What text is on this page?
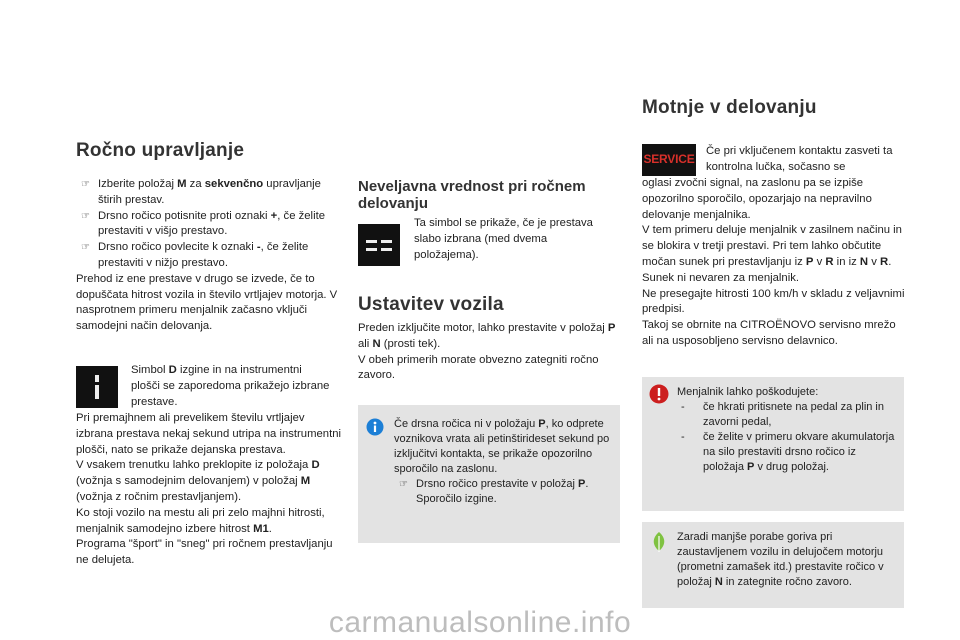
Ročno upravljanje
☞ Izberite položaj M za sekvenčno upravljanje štirih prestav.
☞ Drsno ročico potisnite proti oznaki +, če želite prestaviti v višjo prestavo.
☞ Drsno ročico povlecite k oznaki -, če želite prestaviti v nižjo prestavo.
Prehod iz ene prestave v drugo se izvede, če to dopuščata hitrost vozila in število vrtljajev motorja. V nasprotnem primeru menjalnik začasno vključi samodejni način delovanja.
Simbol D izgine in na instrumentni plošči se zaporedoma prikažejo izbrane prestave.
Pri premajhnem ali prevelikem številu vrtljajev izbrana prestava nekaj sekund utripa na instrumentni plošči, nato se prikaže dejanska prestava.
V vsakem trenutku lahko preklopite iz položaja D (vožnja s samodejnim delovanjem) v položaj M (vožnja z ročnim prestavljanjem).
Ko stoji vozilo na mestu ali pri zelo majhni hitrosti, menjalnik samodejno izbere hitrost M1.
Programa "šport" in "sneg" pri ročnem prestavljanju ne delujeta.
Neveljavna vrednost pri ročnem delovanju
Ta simbol se prikaže, če je prestava slabo izbrana (med dvema položajema).
Ustavitev vozila
Preden izključite motor, lahko prestavite v položaj P ali N (prosti tek).
V obeh primerih morate obvezno zategniti ročno zavoro.
Če drsna ročica ni v položaju P, ko odprete voznikova vrata ali petinštirideset sekund po izključitvi kontakta, se prikaže opozorilno sporočilo na zaslonu.
☞ Drsno ročico prestavite v položaj P. Sporočilo izgine.
Motnje v delovanju
SERVICE
Če pri vključenem kontaktu zasveti ta kontrolna lučka, sočasno se
oglasi zvočni signal, na zaslonu pa se izpiše opozorilno sporočilo, opozarjajo na nepravilno delovanje menjalnika.
V tem primeru deluje menjalnik v zasilnem načinu in se blokira v tretji prestavi. Pri tem lahko občutite močan sunek pri prestavljanju iz P v R in iz N v R. Sunek ni nevaren za menjalnik.
Ne presegajte hitrosti 100 km/h v skladu z veljavnimi predpisi.
Takoj se obrnite na CITROËNOVO servisno mrežo ali na usposobljeno servisno delavnico.
Menjalnik lahko poškodujete:
- če hkrati pritisnete na pedal za plin in zavorni pedal,
- če želite v primeru okvare akumulatorja na silo prestaviti drsno ročico iz položaja P v drug položaj.
Zaradi manjše porabe goriva pri zaustavljenem vozilu in delujočem motorju (prometni zamašek itd.) prestavite ročico v položaj N in zategnite ročno zavoro.
carmanualsonline.info
